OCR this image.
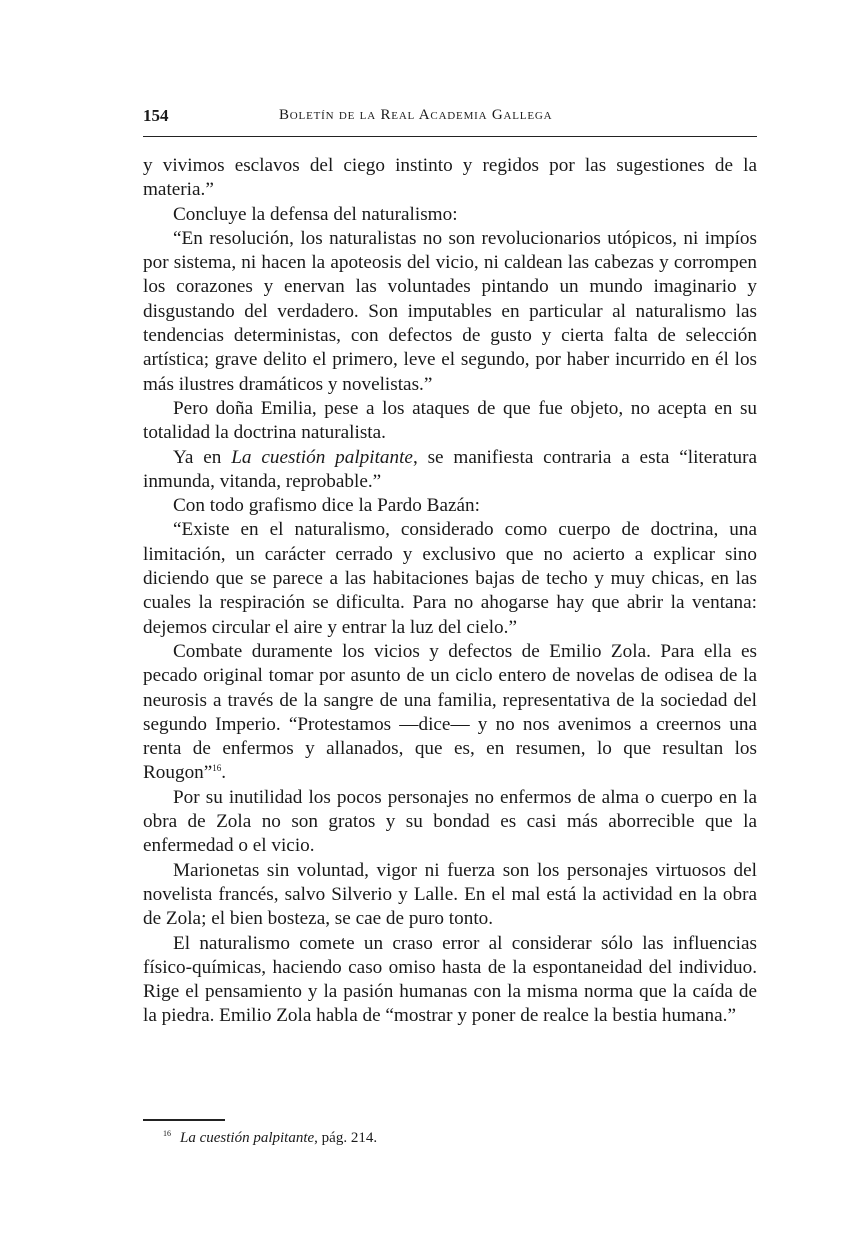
154	Boletín de la Real Academia Gallega

y vivimos esclavos del ciego instinto y regidos por las sugestiones de la materia.”

Concluye la defensa del naturalismo:

“En resolución, los naturalistas no son revolucionarios utópicos, ni impíos por sistema, ni hacen la apoteosis del vicio, ni caldean las cabezas y corrompen los corazones y enervan las voluntades pintando un mundo imaginario y disgustando del verdadero. Son imputables en particular al naturalismo las tendencias deterministas, con defectos de gusto y cierta falta de selección artística; grave delito el primero, leve el segundo, por haber incurrido en él los más ilustres dramáticos y novelistas.”

Pero doña Emilia, pese a los ataques de que fue objeto, no acepta en su totalidad la doctrina naturalista.

Ya en La cuestión palpitante, se manifiesta contraria a esta “literatura inmunda, vitanda, reprobable.”

Con todo grafismo dice la Pardo Bazán:

“Existe en el naturalismo, considerado como cuerpo de doctrina, una limitación, un carácter cerrado y exclusivo que no acierto a explicar sino diciendo que se parece a las habitaciones bajas de techo y muy chicas, en las cuales la respiración se dificulta. Para no ahogarse hay que abrir la ventana: dejemos circular el aire y entrar la luz del cielo.”

Combate duramente los vicios y defectos de Emilio Zola. Para ella es pecado original tomar por asunto de un ciclo entero de novelas de odisea de la neurosis a través de la sangre de una familia, representativa de la sociedad del segundo Imperio. “Protestamos —dice— y no nos avenimos a creernos una renta de enfermos y allanados, que es, en resumen, lo que resultan los Rougon”$^{16}$.

Por su inutilidad los pocos personajes no enfermos de alma o cuerpo en la obra de Zola no son gratos y su bondad es casi más aborrecible que la enfermedad o el vicio.

Marionetas sin voluntad, vigor ni fuerza son los personajes virtuosos del novelista francés, salvo Silverio y Lalle. En el mal está la actividad en la obra de Zola; el bien bosteza, se cae de puro tonto.

El naturalismo comete un craso error al considerar sólo las influencias físico-químicas, haciendo caso omiso hasta de la espontaneidad del individuo. Rige el pensamiento y la pasión humanas con la misma norma que la caída de la piedra. Emilio Zola habla de “mostrar y poner de realce la bestia humana.”

$^{16}$ La cuestión palpitante, pág. 214.
